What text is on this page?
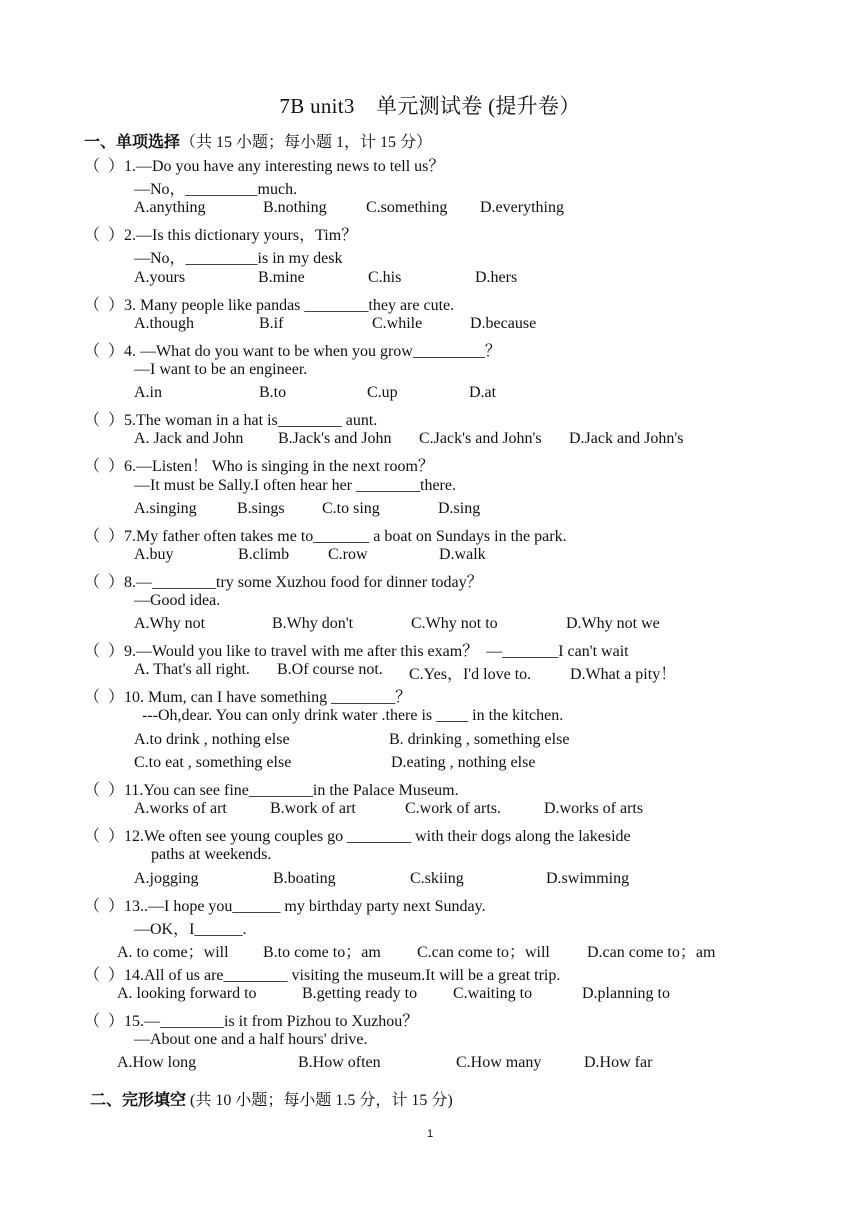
7B unit3　单元测试卷 (提升卷）
一、单项选择（共 15 小题；每小题 1，计 15 分）
（  ）1.—Do you have any interesting news to tell us？
—No，_________much.
A.anything	B.nothing C.something D.everything
（  ）2.—Is this dictionary yours，Tim？
—No，_________is in my desk
A.yours	B.mine	C.his	D.hers
（  ）3. Many people like pandas ________they are cute.
A.though	B.if	C.while	D.because
（  ）4. —What do you want to be when you grow_________？
—I want to be an engineer.
A.in	B.to	C.up	D.at
（  ）5.The woman in a hat is________ aunt.
A. Jack and John B.Jack's and John C.Jack's and John's D.Jack and John's
（  ）6.—Listen！ Who is singing in the next room？
—It must be Sally.I often hear her ________there.
A.singing	B.sings C.to sing	D.sing
（  ）7.My father often takes me to_______ a boat on Sundays in the park.
A.buy	B.climb C.row	D.walk
（  ）8.—________try some Xuzhou food for dinner today？
—Good idea.
A.Why not	B.Why don't	C.Why not to	D.Why not we
（  ）9.—Would you like to travel with me after this exam？  —_______I can't wait
A. That's all right. B.Of course not. C.Yes，I'd love to. D.What a pity！
（  ）10. Mum, can I have something ________？
---Oh,dear. You can only drink water .there is ____ in the kitchen.
A.to drink , nothing else	B. drinking , something else
C.to eat , something else	D.eating , nothing else
（  ）11.You can see fine________in the Palace Museum.
A.works of art	B.work of art	C.work of arts.	D.works of arts
（  ）12.We often see young couples go ________ with their dogs along the lakeside
paths at weekends.
A.jogging	B.boating	C.skiing	D.swimming
（  ）13..—I hope you______ my birthday party next Sunday.
—OK，I______.
A. to come；will B.to come to；am C.can come to；will D.can come to；am
（  ）14.All of us are________ visiting the museum.It will be a great trip.
A. looking forward to	B.getting ready to C.waiting to	D.planning to
（  ）15.—________is it from Pizhou to Xuzhou？
—About one and a half hours' drive.
A.How long	B.How often	C.How many	D.How far
二、完形填空 (共 10 小题；每小题 1.5 分，计 15 分)
1
